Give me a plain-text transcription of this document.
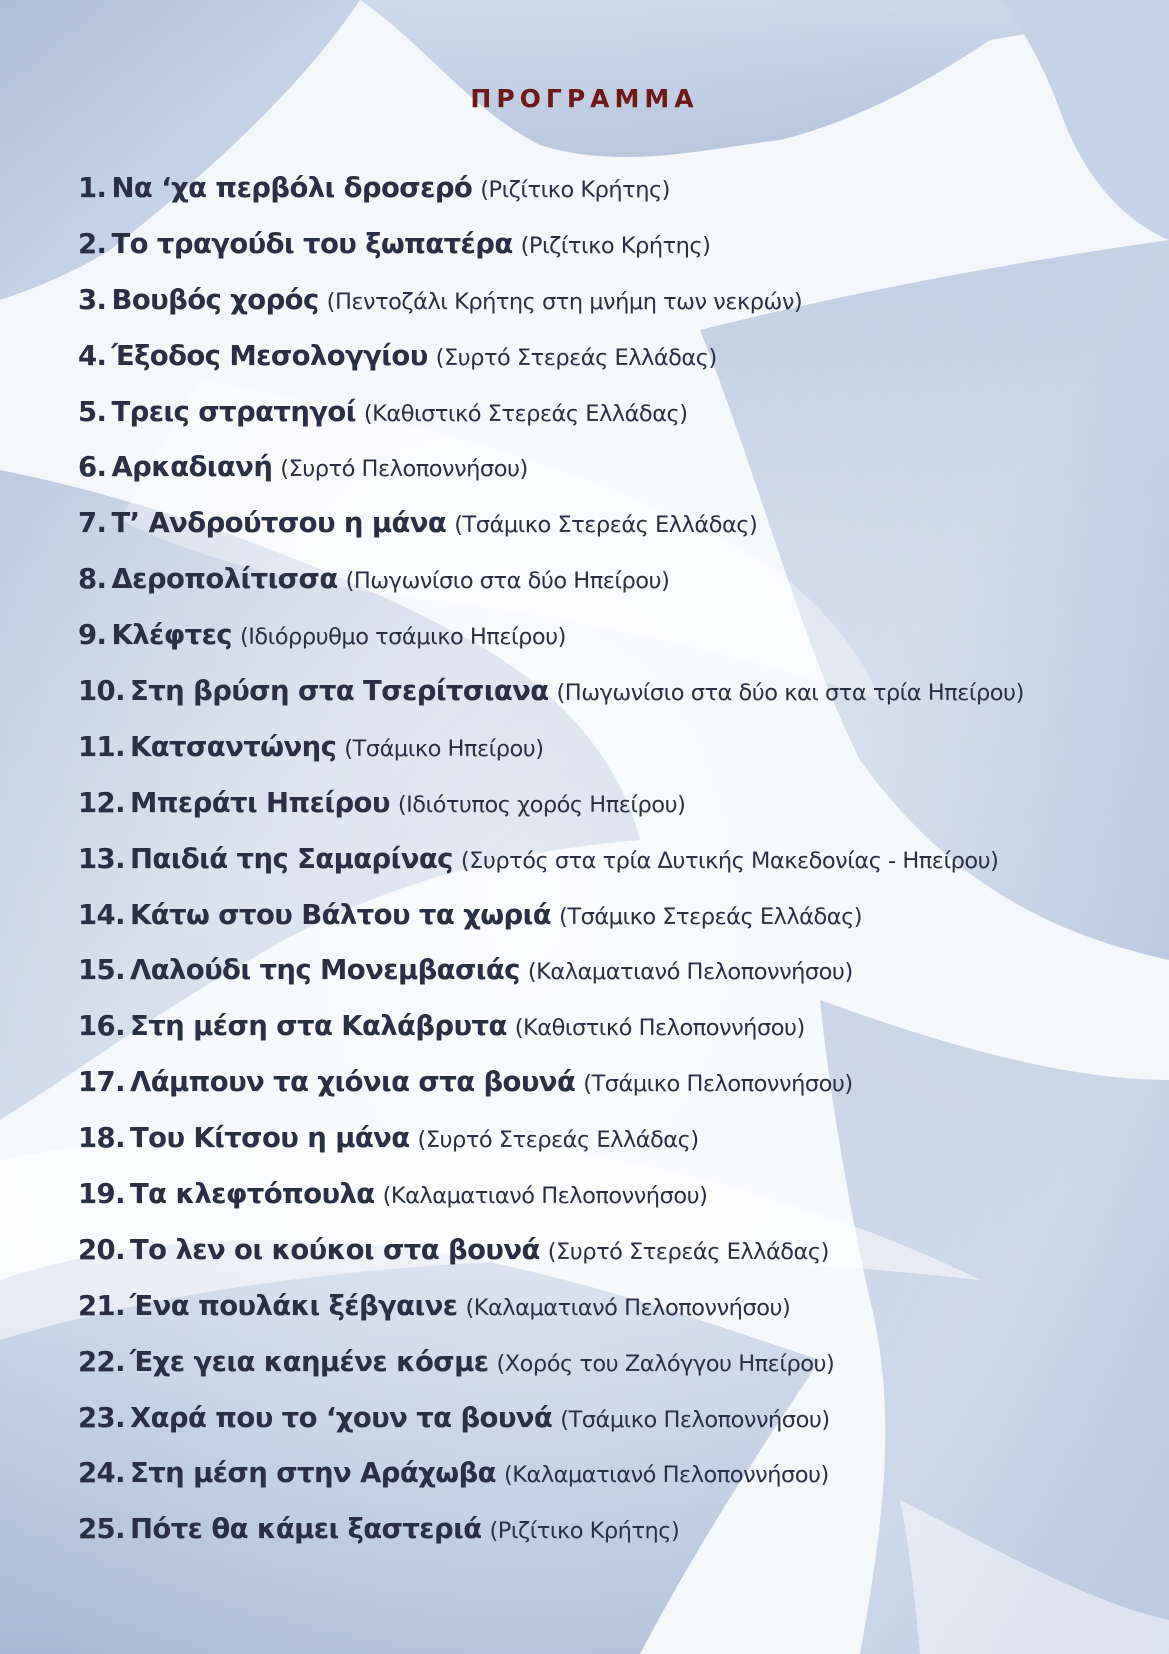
ΠΡΟΓΡΑΜΜΑ
1. Να ‘χα περβόλι δροσερό (Ριζίτικο Κρήτης)
2. Το τραγούδι του ξωπατέρα (Ριζίτικο Κρήτης)
3. Βουβός χορός (Πεντοζάλι Κρήτης στη μνήμη των νεκρών)
4. Έξοδος Μεσολογγίου (Συρτό Στερεάς Ελλάδας)
5. Τρεις στρατηγοί (Καθιστικό Στερεάς Ελλάδας)
6. Αρκαδιανή (Συρτό Πελοποννήσου)
7. Τ’ Ανδρούτσου η μάνα (Τσάμικο Στερεάς Ελλάδας)
8. Δεροπολίτισσα (Πωγωνίσιο στα δύο Ηπείρου)
9. Κλέφτες (Ιδιόρρυθμο τσάμικο Ηπείρου)
10. Στη βρύση στα Τσερίτσιανα (Πωγωνίσιο στα δύο και στα τρία Ηπείρου)
11. Κατσαντώνης (Τσάμικο Ηπείρου)
12. Μπεράτι Ηπείρου (Ιδιότυπος χορός Ηπείρου)
13. Παιδιά της Σαμαρίνας (Συρτός στα τρία Δυτικής Μακεδονίας - Ηπείρου)
14. Κάτω στου Βάλτου τα χωριά (Τσάμικο Στερεάς Ελλάδας)
15. Λαλούδι της Μονεμβασιάς (Καλαματιανό Πελοποννήσου)
16. Στη μέση στα Καλάβρυτα (Καθιστικό Πελοποννήσου)
17. Λάμπουν τα χιόνια στα βουνά (Τσάμικο Πελοποννήσου)
18. Του Κίτσου η μάνα (Συρτό Στερεάς Ελλάδας)
19. Τα κλεφτόπουλα (Καλαματιανό Πελοποννήσου)
20. Το λεν οι κούκοι στα βουνά (Συρτό Στερεάς Ελλάδας)
21. Ένα πουλάκι ξέβγαινε (Καλαματιανό Πελοποννήσου)
22. Έχε γεια καημένε κόσμε (Χορός του Ζαλόγγου Ηπείρου)
23. Χαρά που το ‘χουν τα βουνά (Τσάμικο Πελοποννήσου)
24. Στη μέση στην Αράχωβα (Καλαματιανό Πελοποννήσου)
25. Πότε θα κάμει ξαστεριά (Ριζίτικο Κρήτης)
